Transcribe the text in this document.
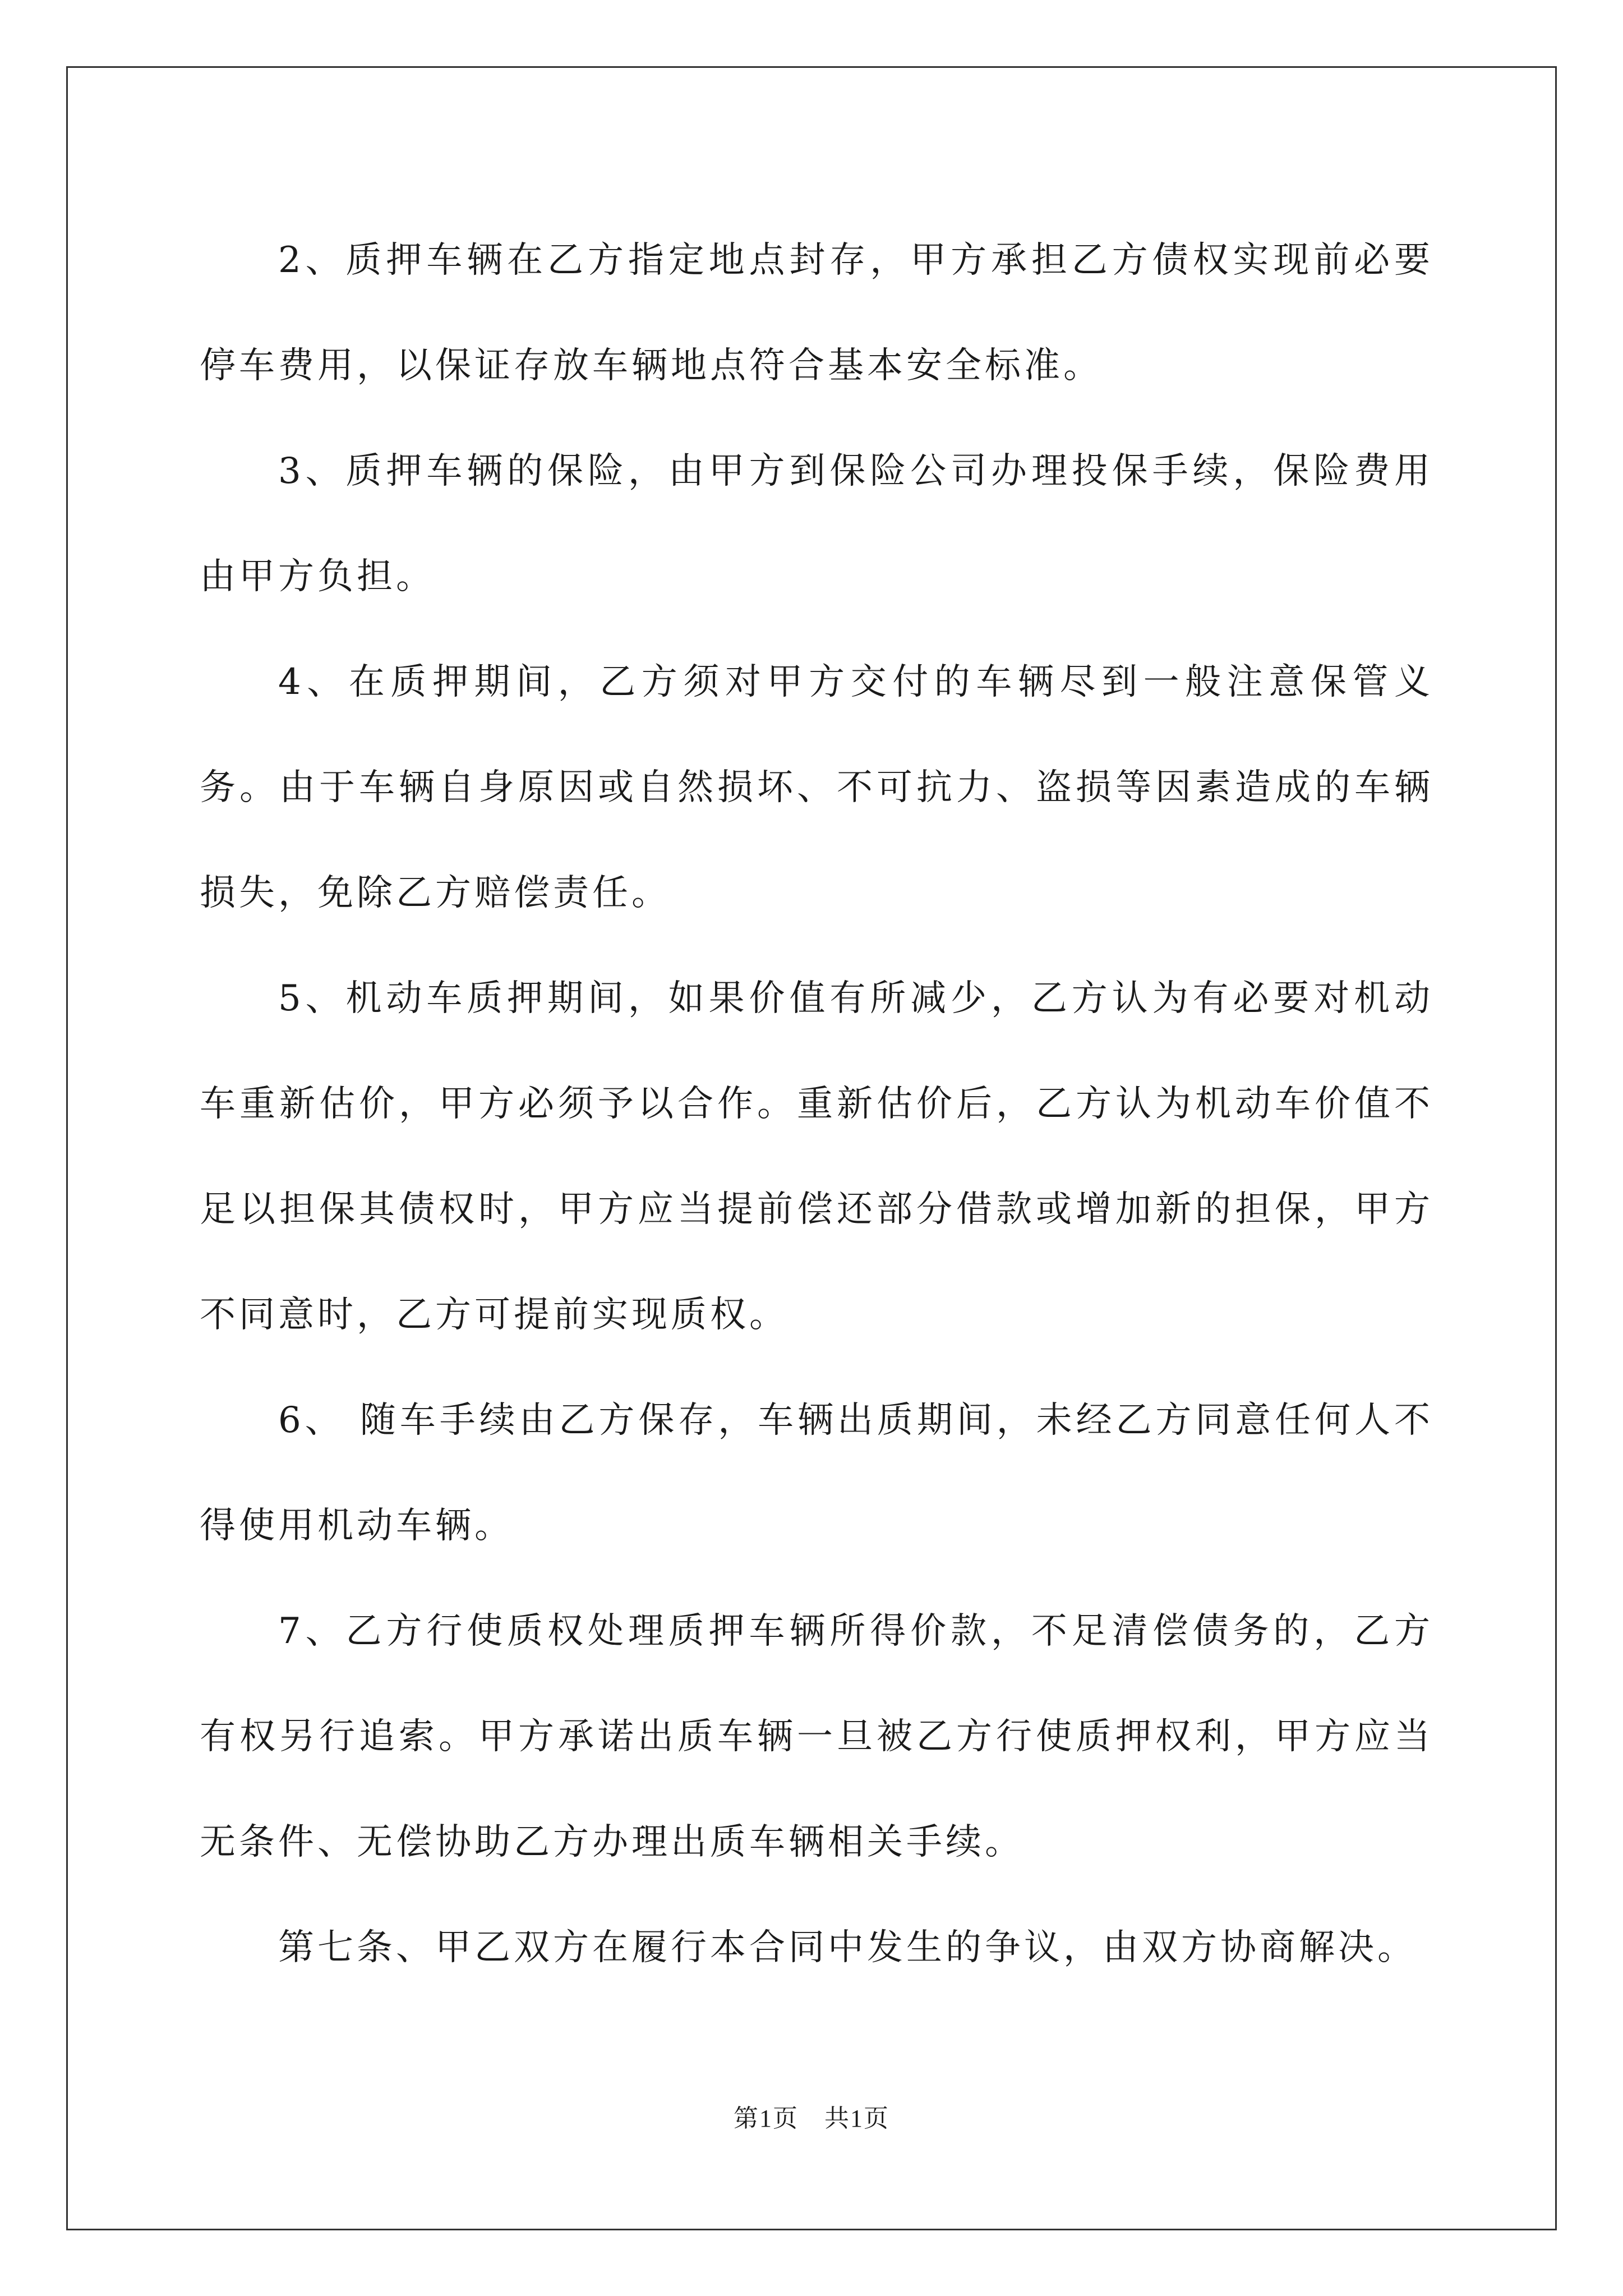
2、质押车辆在乙方指定地点封存，甲方承担乙方债权实现前必要停车费用，以保证存放车辆地点符合基本安全标准。

3、质押车辆的保险，由甲方到保险公司办理投保手续，保险费用由甲方负担。

4、在质押期间，乙方须对甲方交付的车辆尽到一般注意保管义务。由于车辆自身原因或自然损坏、不可抗力、盗损等因素造成的车辆损失，免除乙方赔偿责任。

5、机动车质押期间，如果价值有所减少，乙方认为有必要对机动车重新估价，甲方必须予以合作。重新估价后，乙方认为机动车价值不足以担保其债权时，甲方应当提前偿还部分借款或增加新的担保，甲方不同意时，乙方可提前实现质权。

6、 随车手续由乙方保存，车辆出质期间，未经乙方同意任何人不得使用机动车辆。

7、乙方行使质权处理质押车辆所得价款，不足清偿债务的，乙方有权另行追索。甲方承诺出质车辆一旦被乙方行使质押权利，甲方应当无条件、无偿协助乙方办理出质车辆相关手续。

第七条、甲乙双方在履行本合同中发生的争议，由双方协商解决。

第1页　共1页
